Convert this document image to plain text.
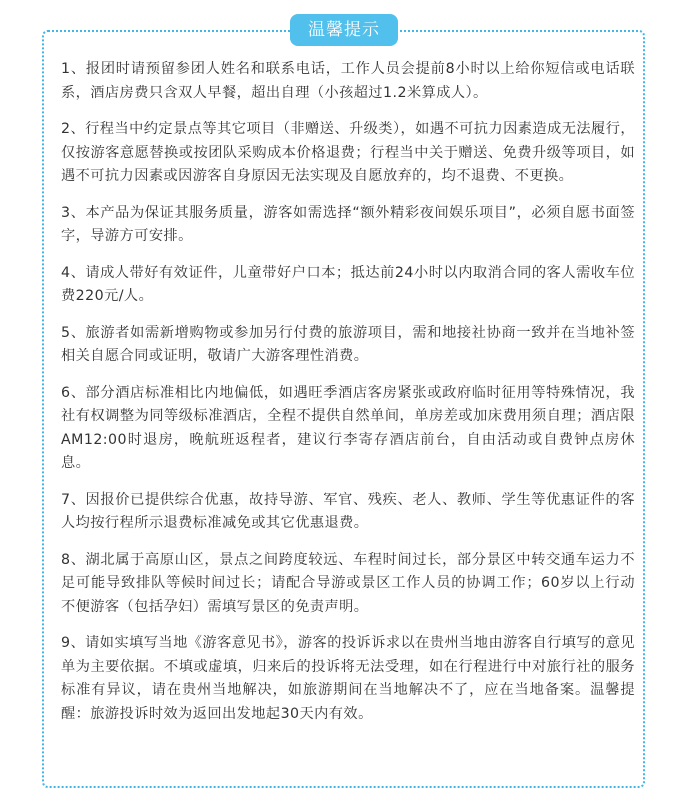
温馨提示

1、报团时请预留参团人姓名和联系电话，工作人员会提前8小时以上给你短信或电话联系，酒店房费只含双人早餐，超出自理（小孩超过1.2米算成人）。

2、行程当中约定景点等其它项目（非赠送、升级类），如遇不可抗力因素造成无法履行，仅按游客意愿替换或按团队采购成本价格退费；行程当中关于赠送、免费升级等项目，如遇不可抗力因素或因游客自身原因无法实现及自愿放弃的，均不退费、不更换。

3、本产品为保证其服务质量，游客如需选择“额外精彩夜间娱乐项目”，必须自愿书面签字，导游方可安排。

4、请成人带好有效证件，儿童带好户口本；抵达前24小时以内取消合同的客人需收车位费220元/人。

5、旅游者如需新增购物或参加另行付费的旅游项目，需和地接社协商一致并在当地补签相关自愿合同或证明，敬请广大游客理性消费。

6、部分酒店标准相比内地偏低，如遇旺季酒店客房紧张或政府临时征用等特殊情况，我社有权调整为同等级标准酒店，全程不提供自然单间，单房差或加床费用须自理；酒店限AM12:00时退房，晚航班返程者，建议行李寄存酒店前台，自由活动或自费钟点房休息。

7、因报价已提供综合优惠，故持导游、军官、残疾、老人、教师、学生等优惠证件的客人均按行程所示退费标准减免或其它优惠退费。

8、湖北属于高原山区，景点之间跨度较远、车程时间过长，部分景区中转交通车运力不足可能导致排队等候时间过长；请配合导游或景区工作人员的协调工作；60岁以上行动不便游客（包括孕妇）需填写景区的免责声明。

9、请如实填写当地《游客意见书》，游客的投诉诉求以在贵州当地由游客自行填写的意见单为主要依据。不填或虚填，归来后的投诉将无法受理，如在行程进行中对旅行社的服务标准有异议，请在贵州当地解决，如旅游期间在当地解决不了，应在当地备案。温馨提醒：旅游投诉时效为返回出发地起30天内有效。
